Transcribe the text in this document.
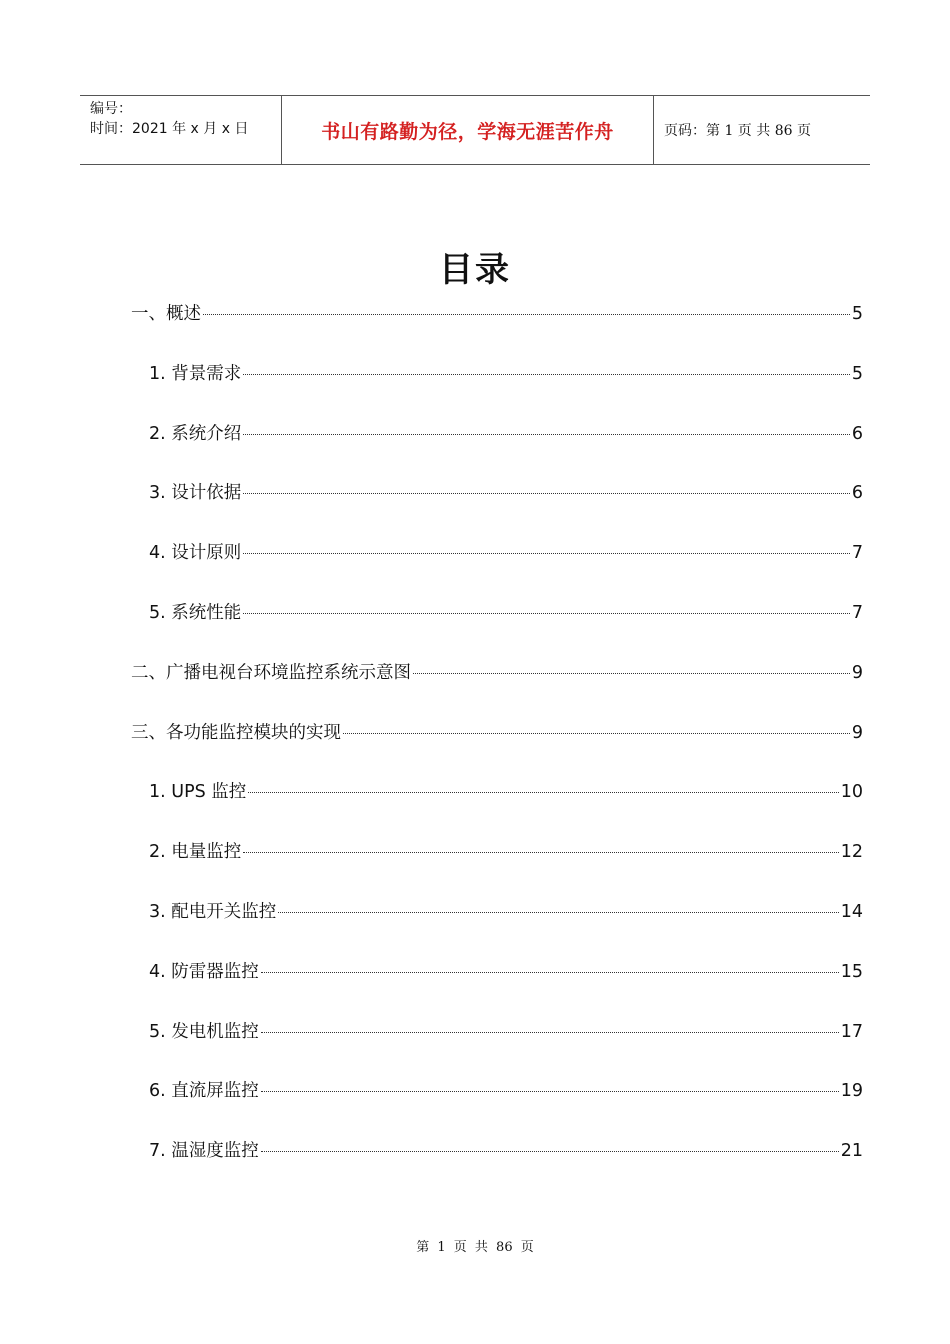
编号：
时间：2021 年 x 月 x 日	书山有路勤为径，学海无涯苦作舟	页码：第 1 页 共 86 页
目录
一、概述	5
1. 背景需求	5
2. 系统介绍	6
3. 设计依据	6
4. 设计原则	7
5. 系统性能	7
二、广播电视台环境监控系统示意图	9
三、各功能监控模块的实现	9
1. UPS 监控	10
2. 电量监控	12
3. 配电开关监控	14
4. 防雷器监控	15
5. 发电机监控	17
6. 直流屏监控	19
7. 温湿度监控	21
第 1 页 共 86 页
